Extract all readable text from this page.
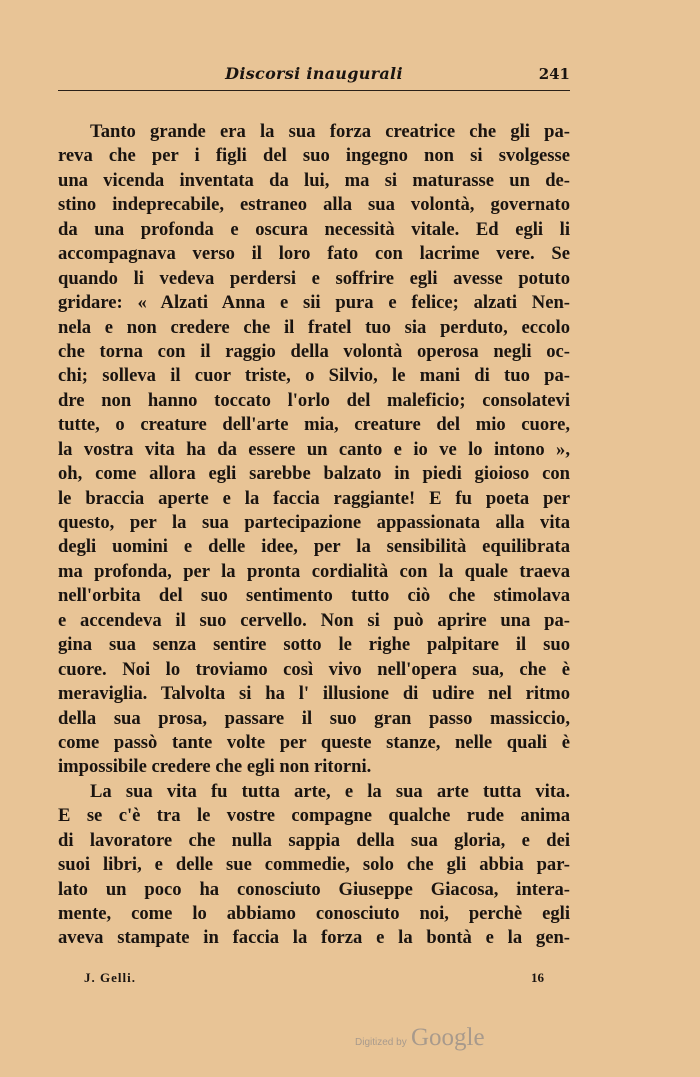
Discorsi inaugurali	241
Tanto grande era la sua forza creatrice che gli pa-
reva che per i figli del suo ingegno non si svolgesse
una vicenda inventata da lui, ma si maturasse un de-
stino indeprecabile, estraneo alla sua volontà, governato
da una profonda e oscura necessità vitale. Ed egli li
accompagnava verso il loro fato con lacrime vere. Se
quando li vedeva perdersi e soffrire egli avesse potuto
gridare: « Alzati Anna e sii pura e felice; alzati Nen-
nela e non credere che il fratel tuo sia perduto, eccolo
che torna con il raggio della volontà operosa negli oc-
chi; solleva il cuor triste, o Silvio, le mani di tuo pa-
dre non hanno toccato l'orlo del maleficio; consolatevi
tutte, o creature dell'arte mia, creature del mio cuore,
la vostra vita ha da essere un canto e io ve lo intono »,
oh, come allora egli sarebbe balzato in piedi gioioso con
le braccia aperte e la faccia raggiante! E fu poeta per
questo, per la sua partecipazione appassionata alla vita
degli uomini e delle idee, per la sensibilità equilibrata
ma profonda, per la pronta cordialità con la quale traeva
nell'orbita del suo sentimento tutto ciò che stimolava
e accendeva il suo cervello. Non si può aprire una pa-
gina sua senza sentire sotto le righe palpitare il suo
cuore. Noi lo troviamo così vivo nell'opera sua, che è
meraviglia. Talvolta si ha l' illusione di udire nel ritmo
della sua prosa, passare il suo gran passo massiccio,
come passò tante volte per queste stanze, nelle quali è
impossibile credere che egli non ritorni.
La sua vita fu tutta arte, e la sua arte tutta vita.
E se c'è tra le vostre compagne qualche rude anima
di lavoratore che nulla sappia della sua gloria, e dei
suoi libri, e delle sue commedie, solo che gli abbia par-
lato un poco ha conosciuto Giuseppe Giacosa, intera-
mente, come lo abbiamo conosciuto noi, perchè egli
aveva stampate in faccia la forza e la bontà e la gen-
J. Gelli.	16
Digitized by Google
